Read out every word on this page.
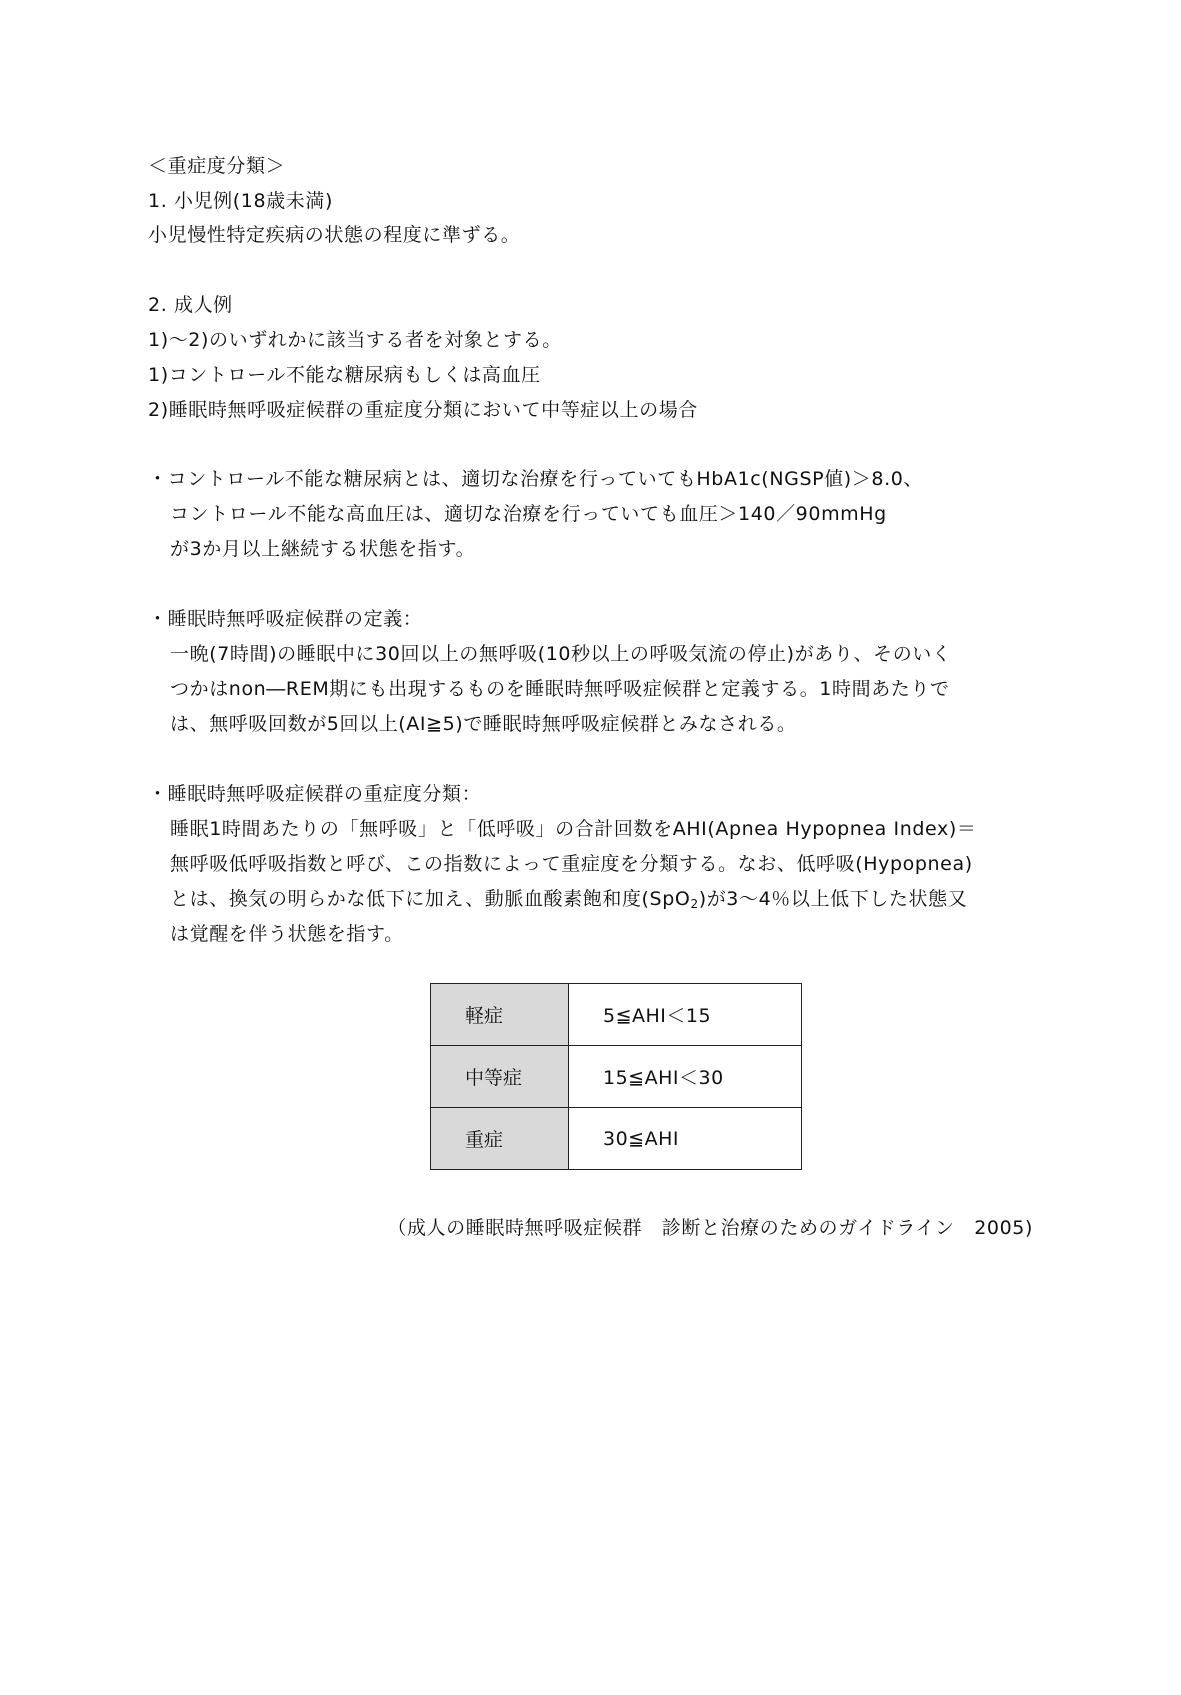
＜重症度分類＞
1. 小児例(18歳未満)
小児慢性特定疾病の状態の程度に準ずる。
2. 成人例
1)～2)のいずれかに該当する者を対象とする。
1)コントロール不能な糖尿病もしくは高血圧
2)睡眠時無呼吸症候群の重症度分類において中等症以上の場合
・コントロール不能な糖尿病とは、適切な治療を行っていてもHbA1c(NGSP値)＞8.0、
コントロール不能な高血圧は、適切な治療を行っていても血圧＞140／90mmHg
が3か月以上継続する状態を指す。
・睡眠時無呼吸症候群の定義：
一晩(7時間)の睡眠中に30回以上の無呼吸(10秒以上の呼吸気流の停止)があり、そのいく
つかはnon―REM期にも出現するものを睡眠時無呼吸症候群と定義する。1時間あたりで
は、無呼吸回数が5回以上(AI≧5)で睡眠時無呼吸症候群とみなされる。
・睡眠時無呼吸症候群の重症度分類：
睡眠1時間あたりの「無呼吸」と「低呼吸」の合計回数をAHI(Apnea Hypopnea Index)＝
無呼吸低呼吸指数と呼び、この指数によって重症度を分類する。なお、低呼吸(Hypopnea)
とは、換気の明らかな低下に加え、動脈血酸素飽和度(SpO$_2$)が3～4％以上低下した状態又
は覚醒を伴う状態を指す。
軽症	5≦AHI＜15
中等症	15≦AHI＜30
重症	30≦AHI
（成人の睡眠時無呼吸症候群　診断と治療のためのガイドライン　2005)
